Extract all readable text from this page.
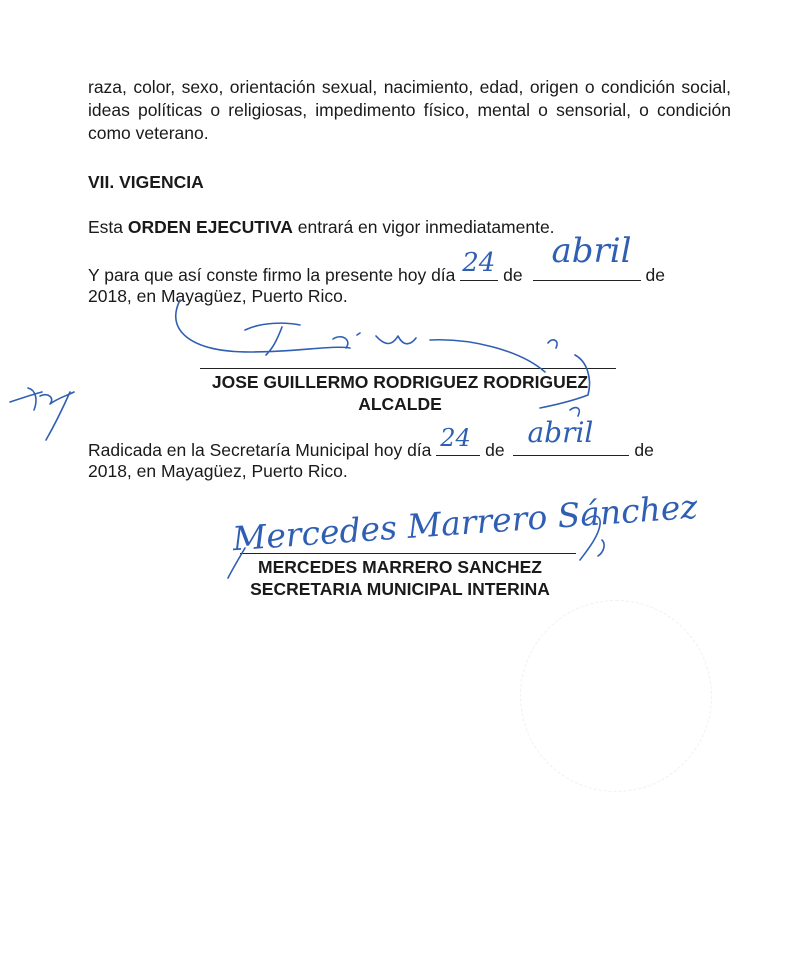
raza, color, sexo, orientación sexual, nacimiento, edad, origen o condición social, ideas políticas o religiosas, impedimento físico, mental o sensorial, o condición como veterano.

VII. VIGENCIA
Esta ORDEN EJECUTIVA entrará en vigor inmediatamente.
Y para que así conste firmo la presente hoy día 24 de
abril
de
2018, en Mayagüez, Puerto Rico.
JOSE GUILLERMO RODRIGUEZ RODRIGUEZ
ALCALDE
Radicada en la Secretaría Municipal hoy día 24 de
abril
de
2018, en Mayagüez, Puerto Rico.
Mercedes Marrero Sánchez
MERCEDES MARRERO SANCHEZ
SECRETARIA MUNICIPAL INTERINA
